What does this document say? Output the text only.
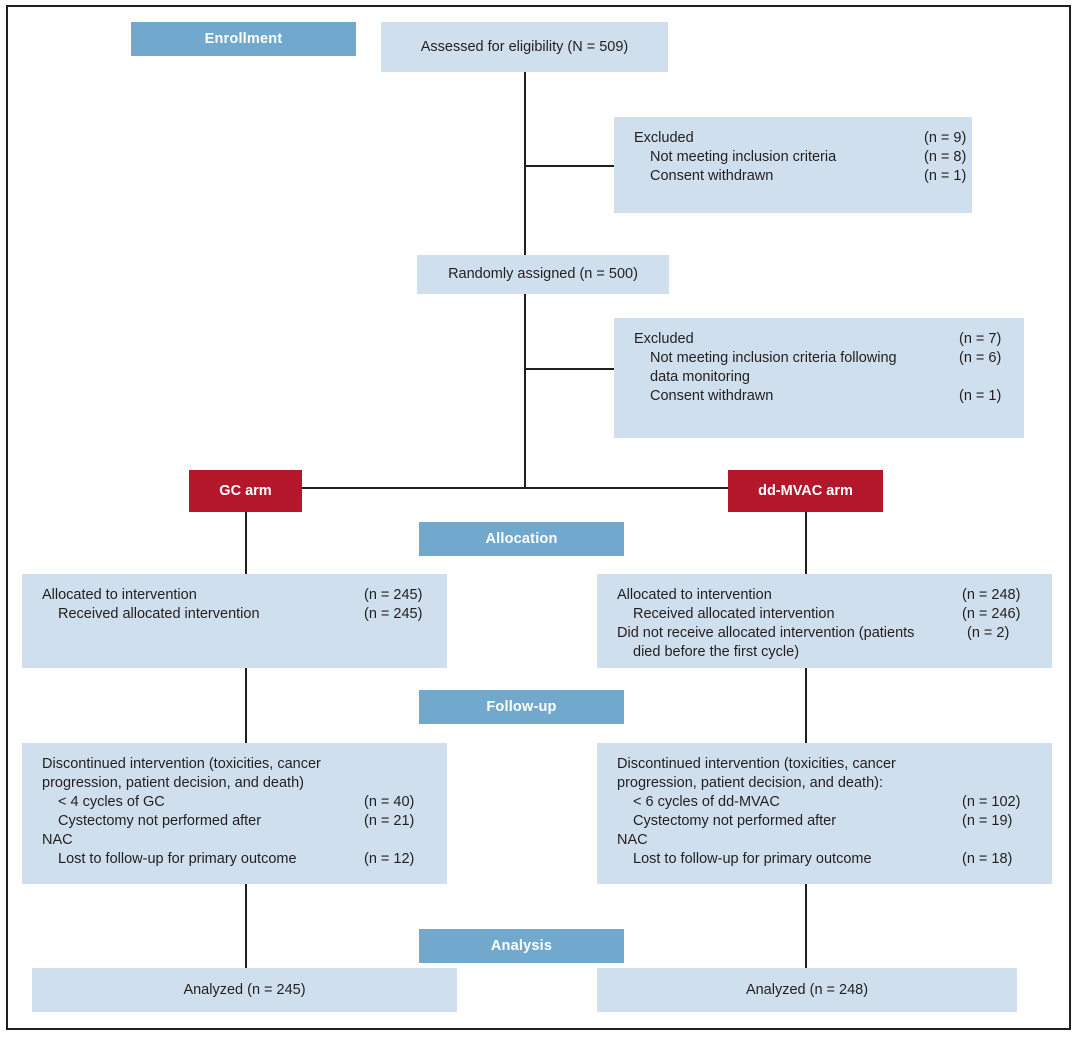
Enrollment	Assessed for eligibility (N = 509)
Excluded	(n = 9)
Not meeting inclusion criteria	(n = 8)
Consent withdrawn	(n = 1)
Randomly assigned (n = 500)
Excluded	(n = 7)
Not meeting inclusion criteria following	(n = 6)
data monitoring
Consent withdrawn	(n = 1)
GC arm	dd-MVAC arm
Allocation
Allocated to intervention	(n = 245)
Received allocated intervention	(n = 245)
Allocated to intervention	(n = 248)
Received allocated intervention	(n = 246)
Did not receive allocated intervention (patients	(n = 2)
died before the first cycle)
Follow-up
Discontinued intervention (toxicities, cancer
progression, patient decision, and death)
< 4 cycles of GC	(n = 40)
Cystectomy not performed after	(n = 21)
NAC
Lost to follow-up for primary outcome	(n = 12)
Discontinued intervention (toxicities, cancer
progression, patient decision, and death):
< 6 cycles of dd-MVAC	(n = 102)
Cystectomy not performed after	(n = 19)
NAC
Lost to follow-up for primary outcome	(n = 18)
Analysis
Analyzed (n = 245)	Analyzed (n = 248)
